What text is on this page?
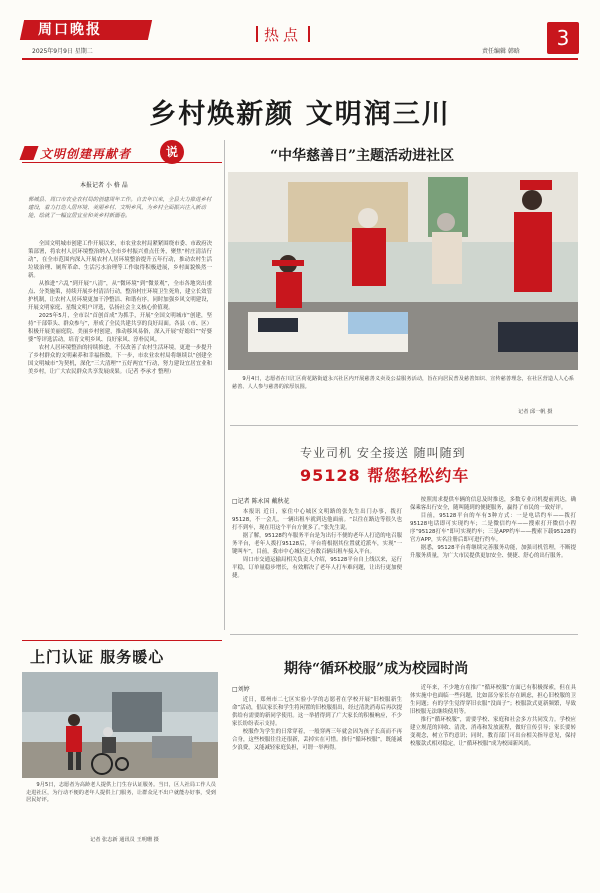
周口晚报
2025年9月9日 星期二
热点
责任编辑 韩晗
3
乡村焕新颜 文明润三川
文明创建再献者	说
本报记者 小 格 晶
郸城县、周口市农业农村局的创建周年工作。自去年以来，全县大力推进乡村建设，着力打造人居环境、美丽乡村、文明乡风，为乡村全面振兴注入新动能，绘就了一幅宜居宜业和美乡村新画卷。

全国文明城市创建工作开展以来，市农业农村局紧紧围绕市委、市政府决策部署，将农村人居环境整治纳入全市乡村振兴重点任务，聚焦“村庄清洁行动”，在全市范围内深入开展农村人居环境整治提升五年行动，推动农村生活垃圾治理、厕所革命、生活污水治理等工作取得积极进展，乡村面貌焕然一新。

从推进“六乱”到开展“八清”，从“微环境”到“微景观”，全市各地突出重点、分类施策，持续开展乡村清洁行动，整治村庄环境卫生死角，建立长效管护机制，让农村人居环境更加干净整洁、和谐有序。同时加强乡风文明建设，开展文明家庭、星级文明户评选，弘扬社会主义核心价值观。

2025年5月，全市以“首创首成”为抓手，开展“全国文明城市”创建，坚持“干部带头、群众参与”，形成了全民共建共享的良好局面。各县（市、区）积极开展美丽庭院、美丽乡村创建，推动移风易俗，深入开展“好媳妇”“好婆婆”等评选活动，培育文明乡风、良好家风、淳朴民风。

农村人居环境整治的持续推进，不仅改善了农村生活环境，更进一步提升了乡村群众的文明素养和幸福指数。下一步，市农业农村局将继续以“创建全国文明城市”为契机，深化“三大清理”“五好两宜”行动，努力建设宜居宜业和美乡村，让广大农民群众共享发展成果。（记者 李承才 整理）

上门认证 服务暖心
9月5日，志愿者为高龄老人提供上门生存认证服务。当日，区人社局工作人员走进社区，为行动不便的老年人提供上门服务，让群众足不出户就能办好事，受到居民好评。
记者 张志新 通讯员 王明珊 摄
“中华慈善日”主题活动进社区
9月4日，志愿者在川汇区荷花路街道永兴社区内开展慈善义卖及公益服务活动，旨在向居民普及慈善知识、宣传慈善理念，在社区营造人人心系慈善、人人参与慈善的浓厚氛围。
记者 邱一帆 摄
专业司机 安全接送 随叫随到
95128 帮您轻松约车
□记者 陈永国 戴秋花

本报讯 近日，家住中心城区文明路的张先生出门办事，拨打95128，不一会儿，一辆出租车就到达他面前。“以往在路边等很久也打不到车，现在用这个平台方便多了。”张先生说。

据了解，95128约车服务平台是为出行不便的老年人打造的电召服务平台，老年人拨打95128后，平台将根据其位置就近派车，实现“一键叫车”，目前，我市中心城区已有数百辆出租车接入平台。

周口市交通运输局相关负责人介绍，95128平台自上线以来，运行平稳，订单量稳步增长，有效解决了老年人打车难问题，让出行更加便捷。

按照需求提供车辆的信息及时推送，多数专业司机提前到达，确保乘客出行安全，随叫随到的便捷服务，赢得了市民的一致好评。

目前，95128平台的车有3种方式：一是电话约车——拨打95128电话即可实现约车；二是微信约车——搜索打开微信小程序“95128打车”即可实现约车；三是APP约车——搜索下载95128的官方APP，实名注册后即可进行约车。

据悉，95128平台将继续完善服务功能，加强司机管理，不断提升服务质量，为广大市民提供更加安全、便捷、舒心的出行服务。

期待“循环校服”成为校园时尚
□刘婷

近日，郑州市二七区实验小学的志愿者在学校开展“旧校服新生命”活动，倡议家长和学生将闲置的旧校服捐出，经过清洗消毒后再次提供给有需要的新同学使用。这一举措得到了广大家长的积极响应，不少家长纷纷表示支持。

校服作为学生的日常穿着，一般穿两三年就会因为孩子长高而不再合身，这些校服往往还很新，丢掉实在可惜。推行“循环校服”，既能减少浪费，又能减轻家庭负担，可谓一举两得。

近年来，不少地方在推广“循环校服”方面已有积极探索，但在具体实施中也面临一些问题，比如部分家长存在顾虑，担心旧校服的卫生问题；有的学生觉得穿旧衣服“没面子”；校服款式更新频繁，导致旧校服无法继续使用等。

推行“循环校服”，需要学校、家庭和社会多方共同发力。学校应建立规范的回收、清洗、消毒和发放流程，做好宣传引导；家长要转变观念，树立节约意识；同时，教育部门可出台相关指导意见，保持校服款式相对稳定，让“循环校服”成为校园新风尚。
